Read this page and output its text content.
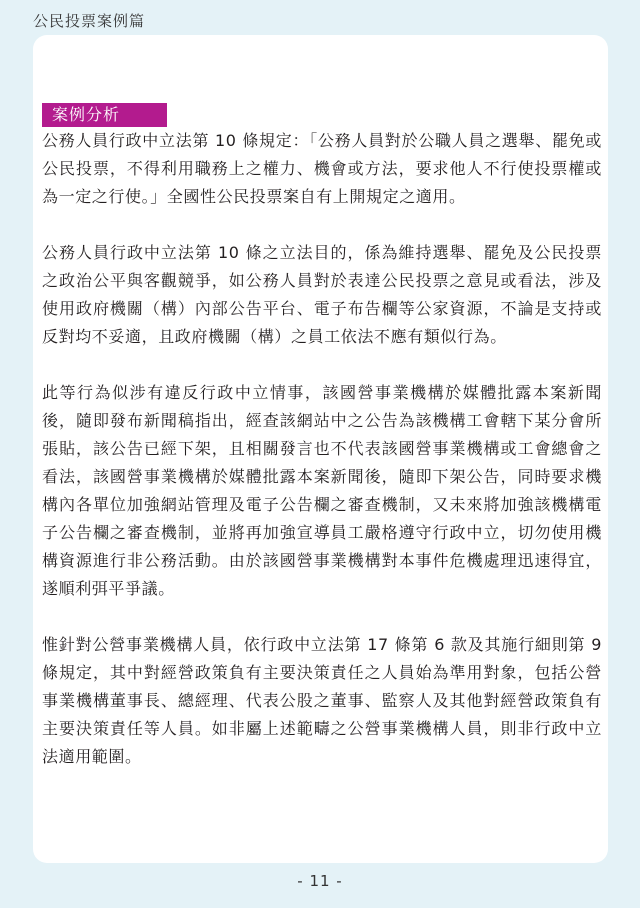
公民投票案例篇
案例分析

公務人員行政中立法第 10 條規定：「公務人員對於公職人員之選舉、罷免或公民投票，不得利用職務上之權力、機會或方法，要求他人不行使投票權或為一定之行使。」全國性公民投票案自有上開規定之適用。

公務人員行政中立法第 10 條之立法目的，係為維持選舉、罷免及公民投票之政治公平與客觀競爭，如公務人員對於表達公民投票之意見或看法，涉及使用政府機關（構）內部公告平台、電子布告欄等公家資源，不論是支持或反對均不妥適，且政府機關（構）之員工依法不應有類似行為。

此等行為似涉有違反行政中立情事，該國營事業機構於媒體批露本案新聞後，隨即發布新聞稿指出，經查該網站中之公告為該機構工會轄下某分會所張貼，該公告已經下架，且相關發言也不代表該國營事業機構或工會總會之看法，該國營事業機構於媒體批露本案新聞後，隨即下架公告，同時要求機構內各單位加強網站管理及電子公告欄之審查機制，又未來將加強該機構電子公告欄之審查機制，並將再加強宣導員工嚴格遵守行政中立，切勿使用機構資源進行非公務活動。由於該國營事業機構對本事件危機處理迅速得宜，遂順利弭平爭議。

惟針對公營事業機構人員，依行政中立法第 17 條第 6 款及其施行細則第 9 條規定，其中對經營政策負有主要決策責任之人員始為準用對象，包括公營事業機構董事長、總經理、代表公股之董事、監察人及其他對經營政策負有主要決策責任等人員。如非屬上述範疇之公營事業機構人員，則非行政中立法適用範圍。

- 11 -
